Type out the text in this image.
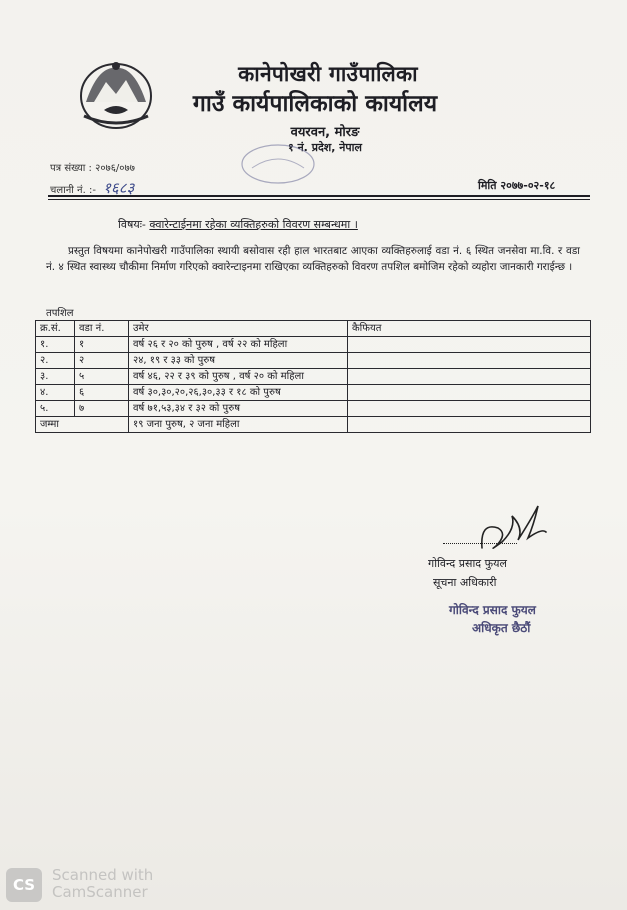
कानेपोखरी गाउँपालिका
गाउँ कार्यपालिकाको कार्यालय
वयरवन, मोरङ
१ नं. प्रदेश, नेपाल
पत्र संख्या : २०७६/०७७
चलानी नं. :- १६८३	मिति २०७७-०२-१८
विषयः- क्वारेन्टाईनमा रहेका व्यक्तिहरुको विवरण सम्बन्धमा ।
प्रस्तुत विषयमा कानेपोखरी गाउँपालिका स्थायी बसोवास रही हाल भारतबाट आएका व्यक्तिहरुलाई वडा नं. ६ स्थित जनसेवा मा.वि. र वडा नं. ४ स्थित स्वास्थ्य चौकीमा निर्माण गरिएको क्वारेन्टाइनमा राखिएका व्यक्तिहरुको विवरण तपशिल बमोजिम रहेको व्यहोरा जानकारी गराईन्छ ।
तपशिल
क्र.सं.	वडा नं.	उमेर	कैफियत
१.	१	वर्ष २६ र २० को पुरुष , वर्ष २२ को महिला	
२.	२	२४, १९ र ३३ को पुरुष	
३.	५	वर्ष ४६, २२ र ३९ को पुरुष , वर्ष २० को महिला	
४.	६	वर्ष ३०,३०,२०,२६,३०,३३ र १८ को पुरुष	
५.	७	वर्ष ७१,५३,३४ र ३२ को पुरुष	
जम्मा		१९ जना पुरुष, २ जना महिला	
गोविन्द प्रसाद फुयल
सूचना अधिकारी
गोविन्द प्रसाद फुयल
अधिकृत छैठौं
CS
Scanned with
CamScanner
